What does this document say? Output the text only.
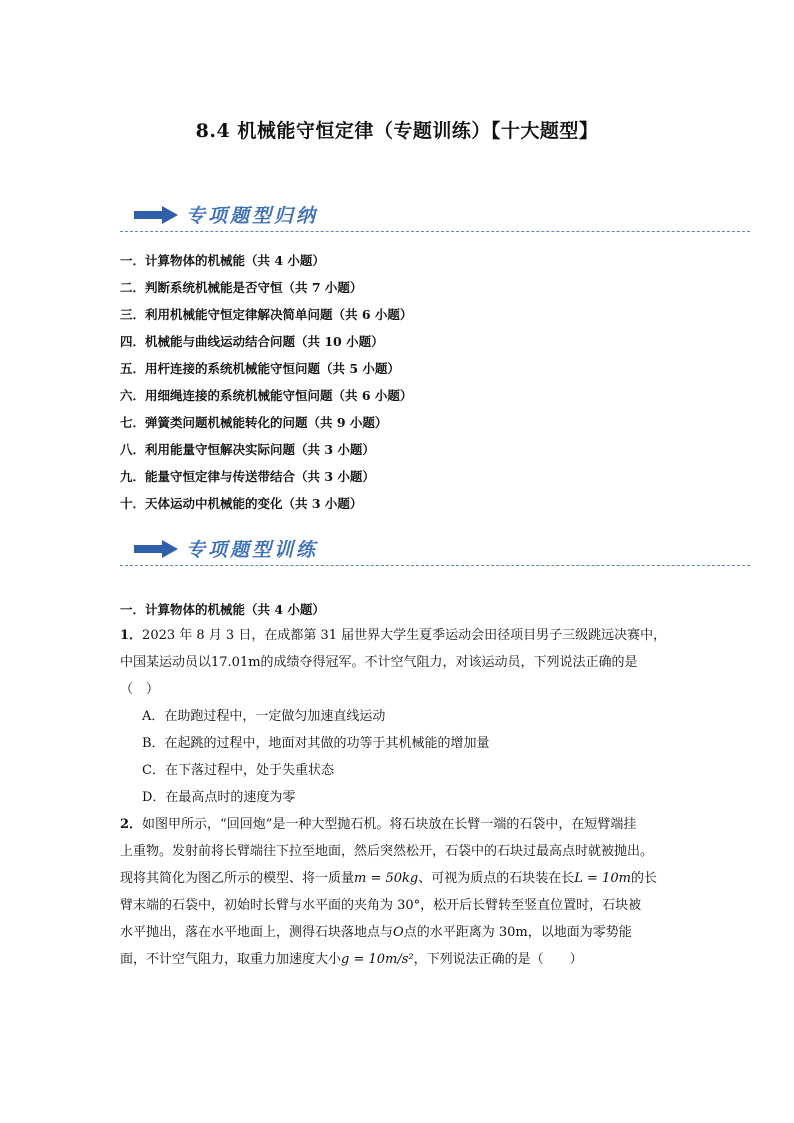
8.4 机械能守恒定律（专题训练）【十大题型】
专项题型归纳
一．计算物体的机械能（共 4 小题）
二．判断系统机械能是否守恒（共 7 小题）
三．利用机械能守恒定律解决简单问题（共 6 小题）
四．机械能与曲线运动结合问题（共 10 小题）
五．用杆连接的系统机械能守恒问题（共 5 小题）
六．用细绳连接的系统机械能守恒问题（共 6 小题）
七．弹簧类问题机械能转化的问题（共 9 小题）
八．利用能量守恒解决实际问题（共 3 小题）
九．能量守恒定律与传送带结合（共 3 小题）
十．天体运动中机械能的变化（共 3 小题）
专项题型训练
一．计算物体的机械能（共 4 小题）
1．2023 年 8 月 3 日，在成都第 31 届世界大学生夏季运动会田径项目男子三级跳远决赛中，
中国某运动员以17.01m的成绩夺得冠军。不计空气阻力，对该运动员，下列说法正确的是
（　）
A．在助跑过程中，一定做匀加速直线运动
B．在起跳的过程中，地面对其做的功等于其机械能的增加量
C．在下落过程中，处于失重状态
D．在最高点时的速度为零
2．如图甲所示，“回回炮”是一种大型抛石机。将石块放在长臂一端的石袋中，在短臂端挂
上重物。发射前将长臂端往下拉至地面，然后突然松开，石袋中的石块过最高点时就被抛出。
现将其简化为图乙所示的模型、将一质量m = 50kg、可视为质点的石块装在长L = 10m的长
臂末端的石袋中，初始时长臂与水平面的夹角为 30°，松开后长臂转至竖直位置时，石块被
水平抛出，落在水平地面上，测得石块落地点与O点的水平距离为 30m，以地面为零势能
面，不计空气阻力，取重力加速度大小g = 10m/s²，下列说法正确的是（　　）
